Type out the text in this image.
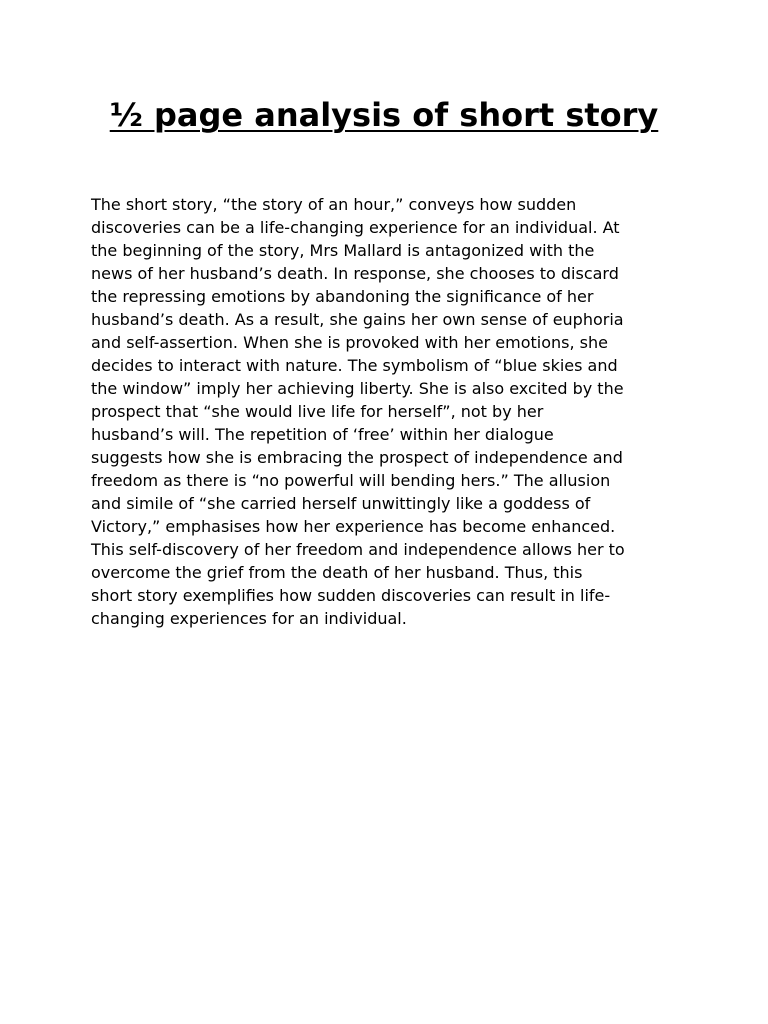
½ page analysis of short story

The short story, “the story of an hour,” conveys how sudden
discoveries can be a life-changing experience for an individual. At
the beginning of the story, Mrs Mallard is antagonized with the
news of her husband’s death. In response, she chooses to discard
the repressing emotions by abandoning the significance of her
husband’s death. As a result, she gains her own sense of euphoria
and self-assertion. When she is provoked with her emotions, she
decides to interact with nature. The symbolism of “blue skies and
the window” imply her achieving liberty. She is also excited by the
prospect that “she would live life for herself”, not by her
husband’s will. The repetition of ‘free’ within her dialogue
suggests how she is embracing the prospect of independence and
freedom as there is “no powerful will bending hers.” The allusion
and simile of “she carried herself unwittingly like a goddess of
Victory,” emphasises how her experience has become enhanced.
This self-discovery of her freedom and independence allows her to
overcome the grief from the death of her husband. Thus, this
short story exemplifies how sudden discoveries can result in life-
changing experiences for an individual.
